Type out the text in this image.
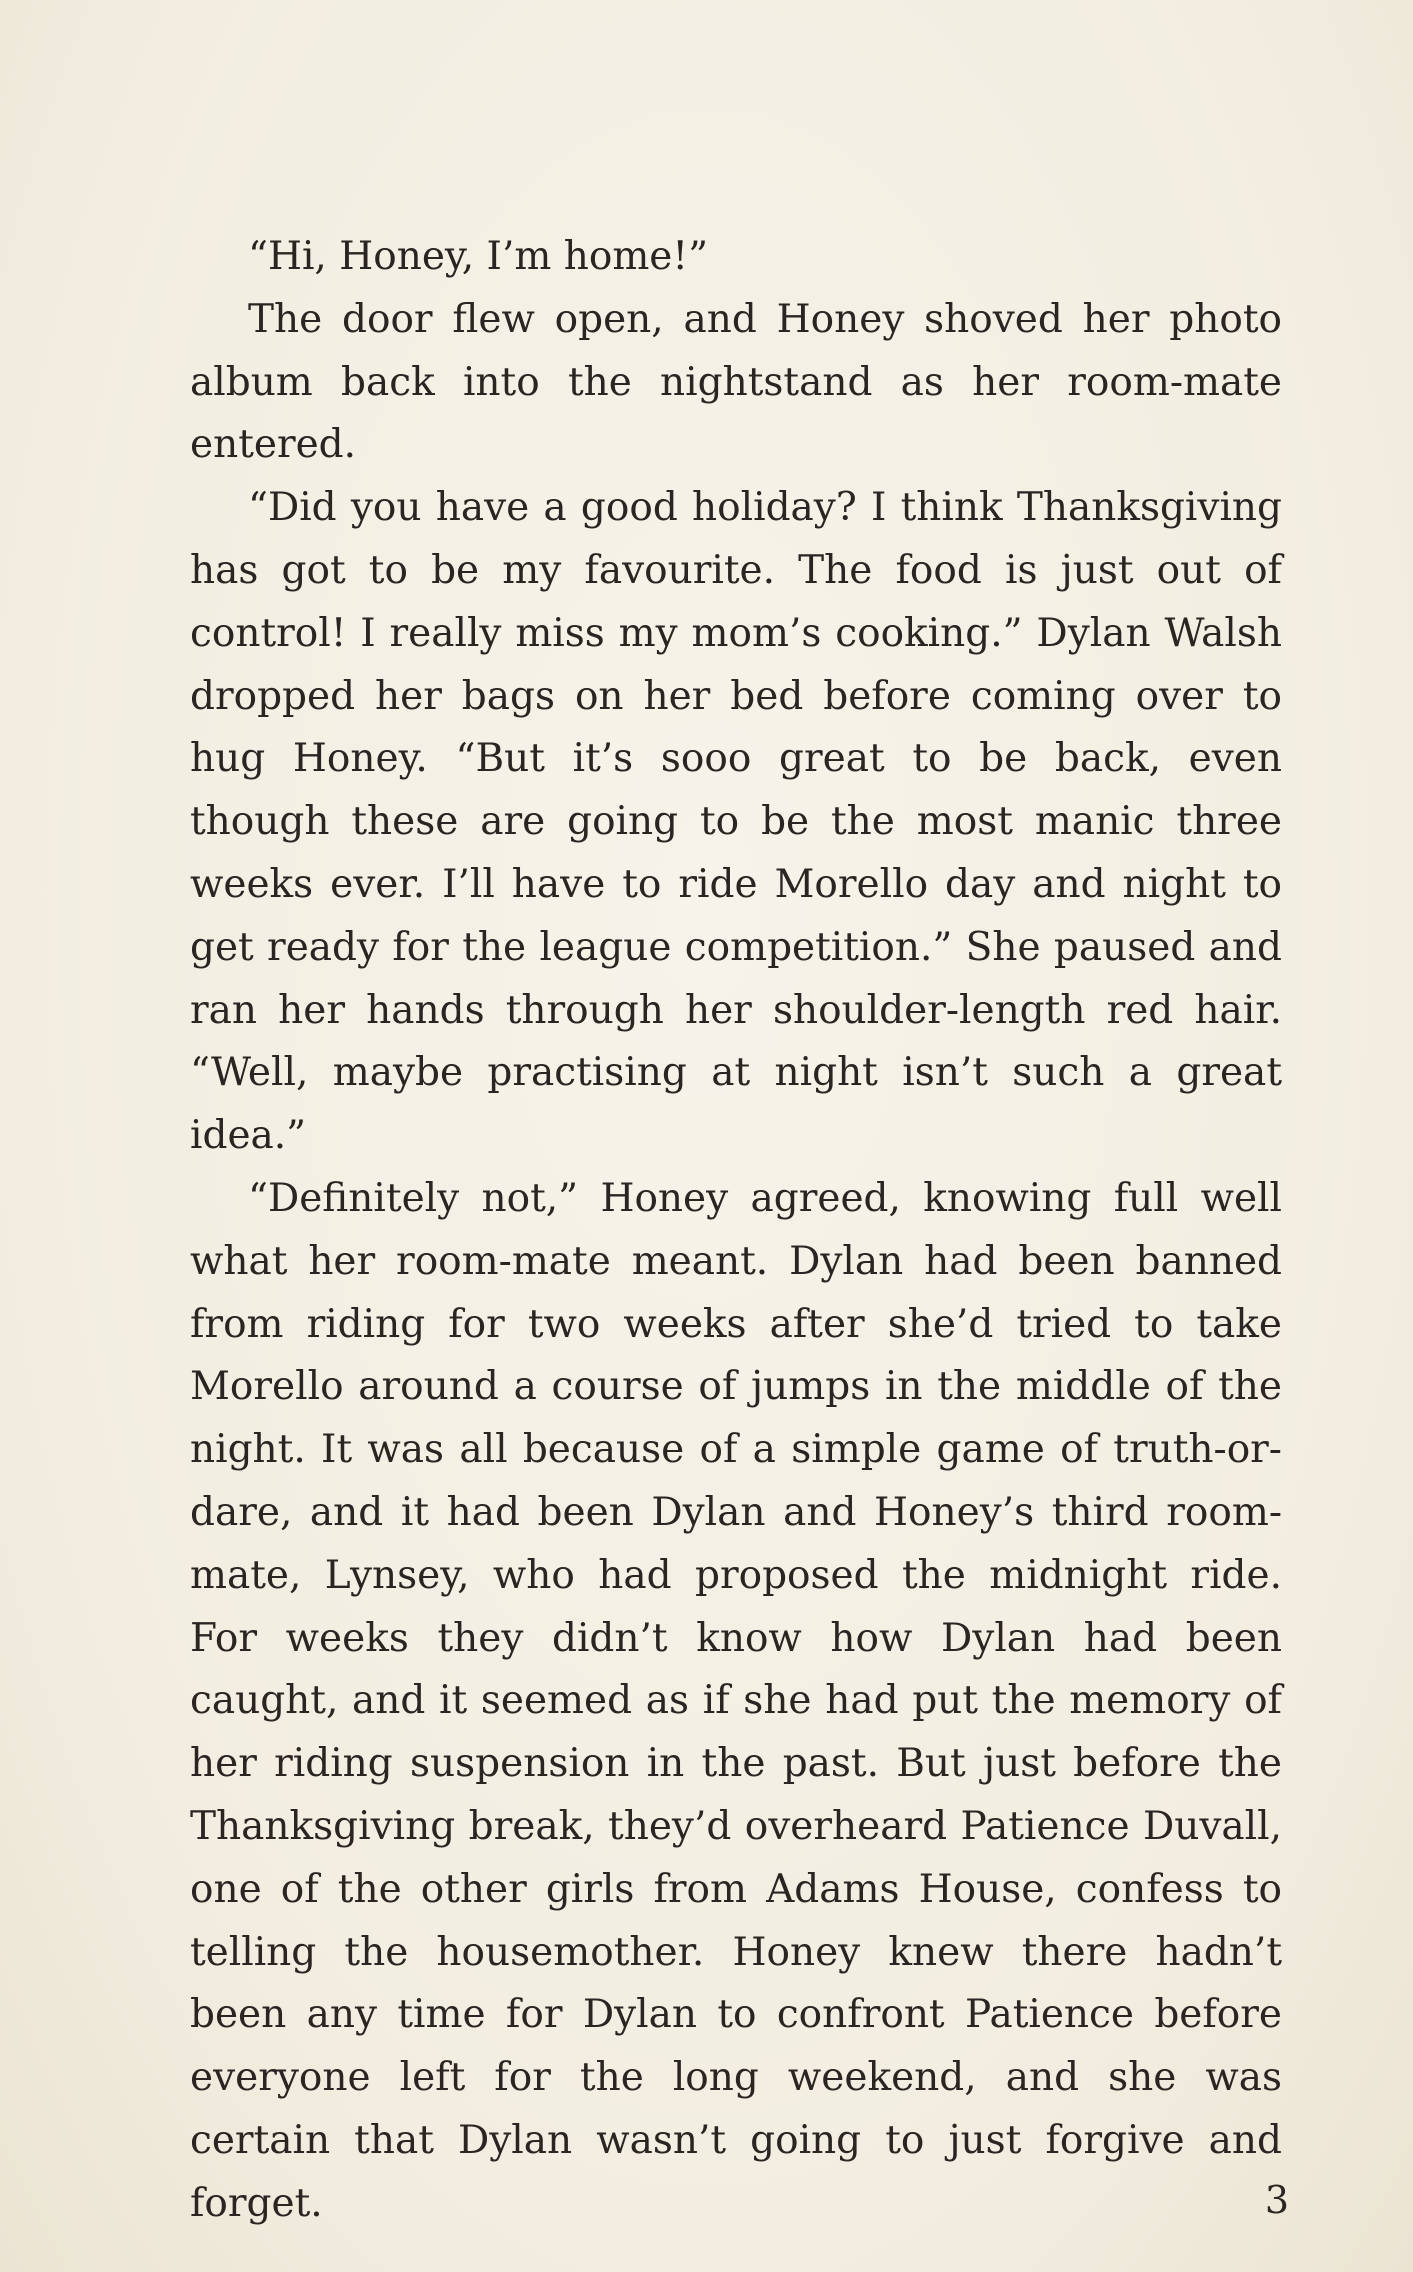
“Hi, Honey, I’m home!”

The door flew open, and Honey shoved her photo album back into the nightstand as her room-mate entered.

“Did you have a good holiday? I think Thanksgiving has got to be my favourite. The food is just out of control! I really miss my mom’s cooking.” Dylan Walsh dropped her bags on her bed before coming over to hug Honey. “But it’s sooo great to be back, even though these are going to be the most manic three weeks ever. I’ll have to ride Morello day and night to get ready for the league competition.” She paused and ran her hands through her shoulder-length red hair. “Well, maybe practising at night isn’t such a great idea.”

“Definitely not,” Honey agreed, knowing full well what her room-mate meant. Dylan had been banned from riding for two weeks after she’d tried to take Morello around a course of jumps in the middle of the night. It was all because of a simple game of truth-or-dare, and it had been Dylan and Honey’s third room-mate, Lynsey, who had proposed the midnight ride. For weeks they didn’t know how Dylan had been caught, and it seemed as if she had put the memory of her riding suspension in the past. But just before the Thanksgiving break, they’d overheard Patience Duvall, one of the other girls from Adams House, confess to telling the housemother. Honey knew there hadn’t been any time for Dylan to confront Patience before everyone left for the long weekend, and she was certain that Dylan wasn’t going to just forgive and forget.	3
